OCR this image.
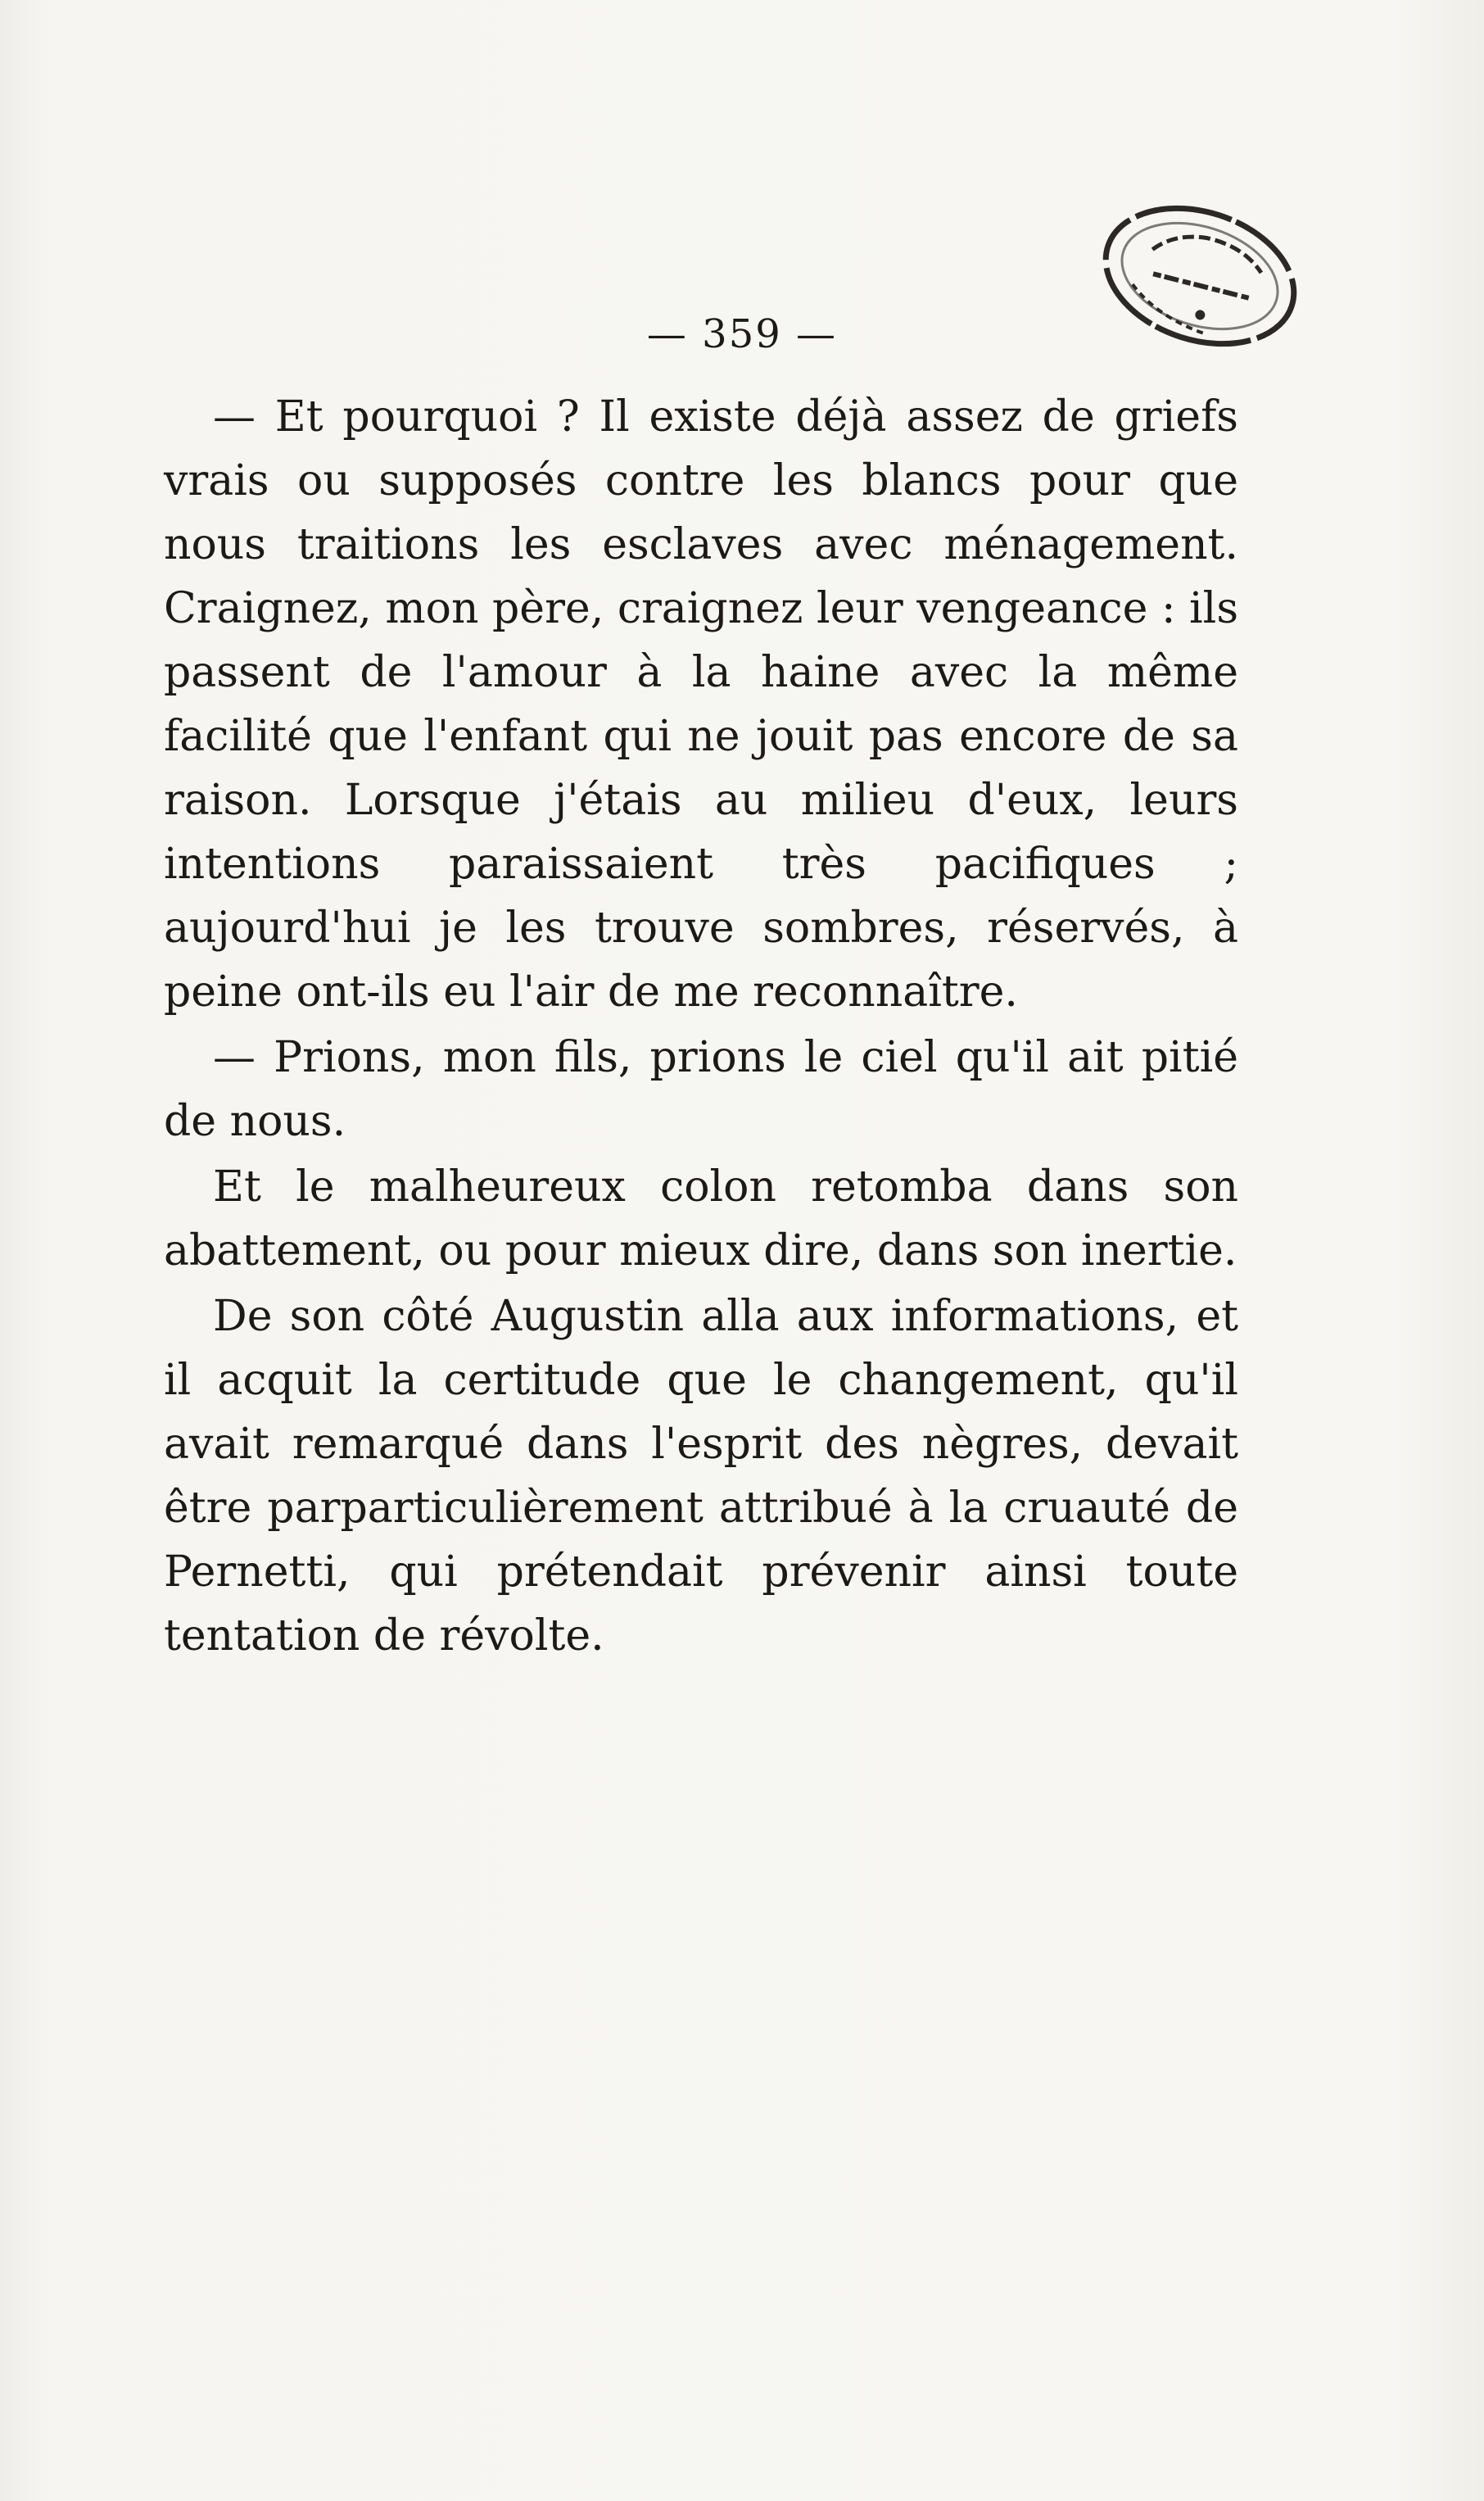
— 359 —

— Et pourquoi ? Il existe déjà assez de griefs vrais ou supposés contre les blancs pour que nous traitions les esclaves avec ménagement. Craignez, mon père, craignez leur vengeance : ils passent de l'amour à la haine avec la même facilité que l'enfant qui ne jouit pas encore de sa raison. Lorsque j'étais au milieu d'eux, leurs intentions paraissaient très pacifiques ; aujourd'hui je les trouve sombres, réservés, à peine ont-ils eu l'air de me reconnaître.

— Prions, mon fils, prions le ciel qu'il ait pitié de nous.

Et le malheureux colon retomba dans son abattement, ou pour mieux dire, dans son inertie.

De son côté Augustin alla aux informations, et il acquit la certitude que le changement, qu'il avait remarqué dans l'esprit des nègres, devait être parparticulièrement attribué à la cruauté de Pernetti, qui prétendait prévenir ainsi toute tentation de révolte.
